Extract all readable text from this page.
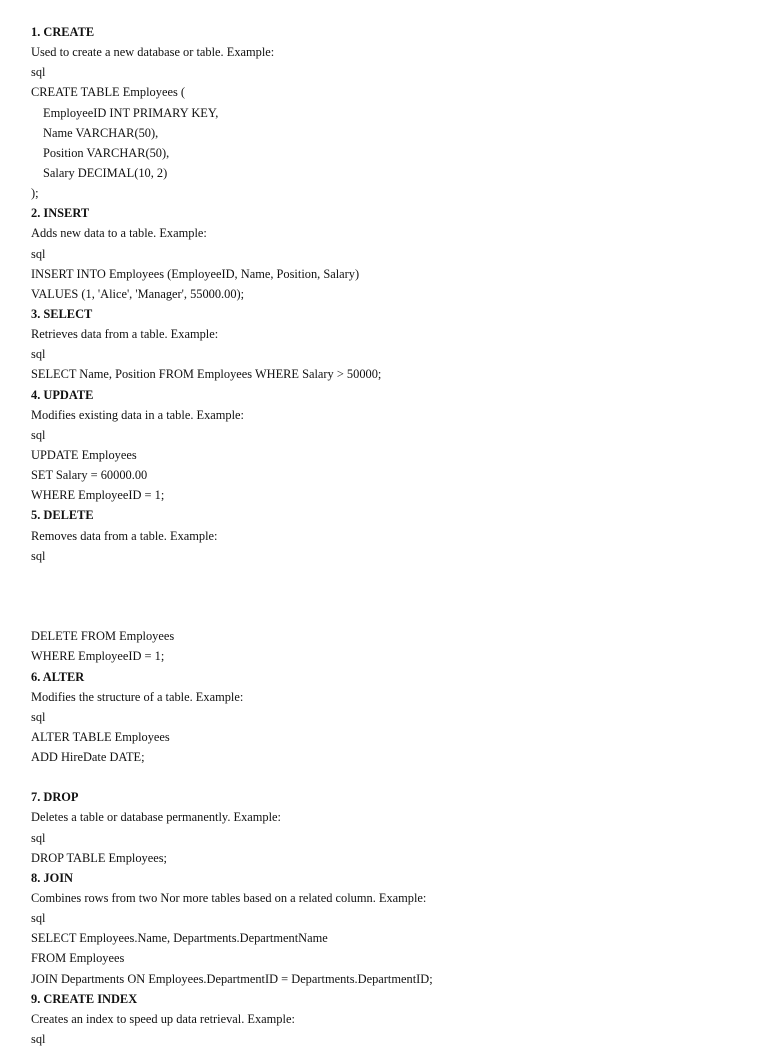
1. CREATE
Used to create a new database or table. Example:
sql
CREATE TABLE Employees (
EmployeeID INT PRIMARY KEY,
Name VARCHAR(50),
Position VARCHAR(50),
Salary DECIMAL(10, 2)
);
2. INSERT
Adds new data to a table. Example:
sql
INSERT INTO Employees (EmployeeID, Name, Position, Salary)
VALUES (1, 'Alice', 'Manager', 55000.00);
3. SELECT
Retrieves data from a table. Example:
sql
SELECT Name, Position FROM Employees WHERE Salary > 50000;
4. UPDATE
Modifies existing data in a table. Example:
sql
UPDATE Employees
SET Salary = 60000.00
WHERE EmployeeID = 1;
5. DELETE
Removes data from a table. Example:
sql
DELETE FROM Employees
WHERE EmployeeID = 1;
6. ALTER
Modifies the structure of a table. Example:
sql
ALTER TABLE Employees
ADD HireDate DATE;
7. DROP
Deletes a table or database permanently. Example:
sql
DROP TABLE Employees;
8. JOIN
Combines rows from two Nor more tables based on a related column. Example:
sql
SELECT Employees.Name, Departments.DepartmentName
FROM Employees
JOIN Departments ON Employees.DepartmentID = Departments.DepartmentID;
9. CREATE INDEX
Creates an index to speed up data retrieval. Example:
sql
